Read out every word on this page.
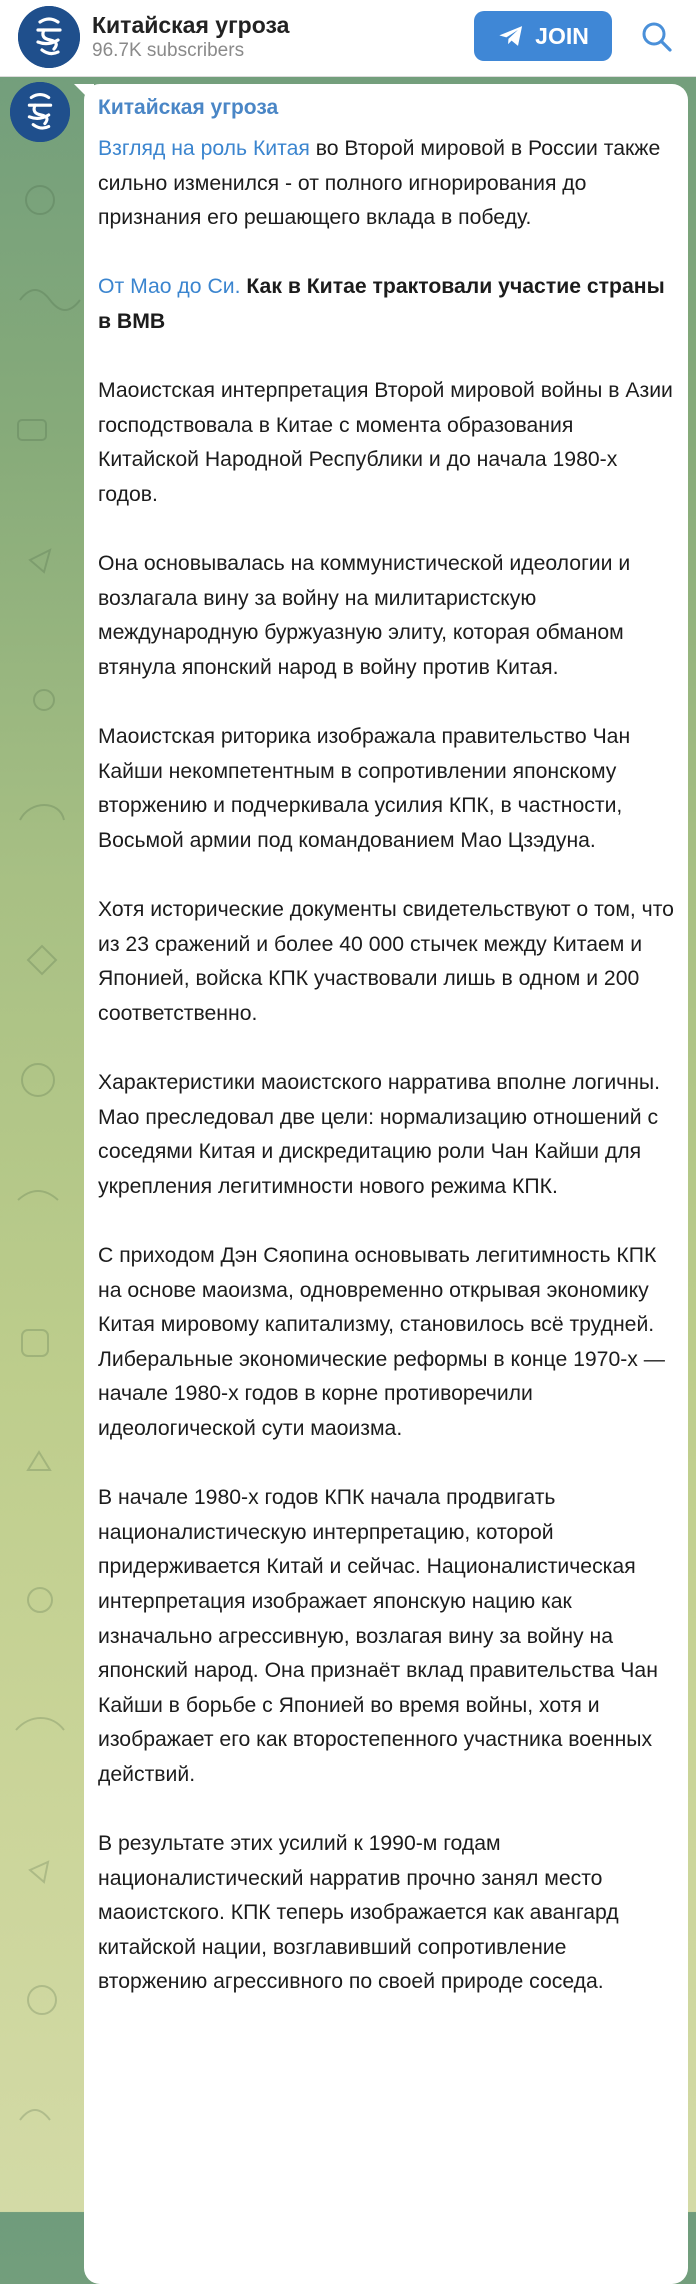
Китайская угроза
96.7K subscribers
JOIN
Китайская угроза

Взгляд на роль Китая во Второй мировой в России также сильно изменился - от полного игнорирования до признания его решающего вклада в победу.

От Мао до Си. Как в Китае трактовали участие страны в ВМВ

Маоистская интерпретация Второй мировой войны в Азии господствовала в Китае с момента образования Китайской Народной Республики и до начала 1980-х годов.

Она основывалась на коммунистической идеологии и возлагала вину за войну на милитаристскую международную буржуазную элиту, которая обманом втянула японский народ в войну против Китая.

Маоистская риторика изображала правительство Чан Кайши некомпетентным в сопротивлении японскому вторжению и подчеркивала усилия КПК, в частности, Восьмой армии под командованием Мао Цзэдуна.

Хотя исторические документы свидетельствуют о том, что из 23 сражений и более 40 000 стычек между Китаем и Японией, войска КПК участвовали лишь в одном и 200 соответственно.

Характеристики маоистского нарратива вполне логичны. Мао преследовал две цели: нормализацию отношений с соседями Китая и дискредитацию роли Чан Кайши для укрепления легитимности нового режима КПК.

С приходом Дэн Сяопина основывать легитимность КПК на основе маоизма, одновременно открывая экономику Китая мировому капитализму, становилось всё трудней. Либеральные экономические реформы в конце 1970-х — начале 1980-х годов в корне противоречили идеологической сути маоизма.

В начале 1980-х годов КПК начала продвигать националистическую интерпретацию, которой придерживается Китай и сейчас. Националистическая интерпретация изображает японскую нацию как изначально агрессивную, возлагая вину за войну на японский народ. Она признаёт вклад правительства Чан Кайши в борьбе с Японией во время войны, хотя и изображает его как второстепенного участника военных действий.

В результате этих усилий к 1990-м годам националистический нарратив прочно занял место маоистского. КПК теперь изображается как авангард китайской нации, возглавивший сопротивление вторжению агрессивного по своей природе соседа.
